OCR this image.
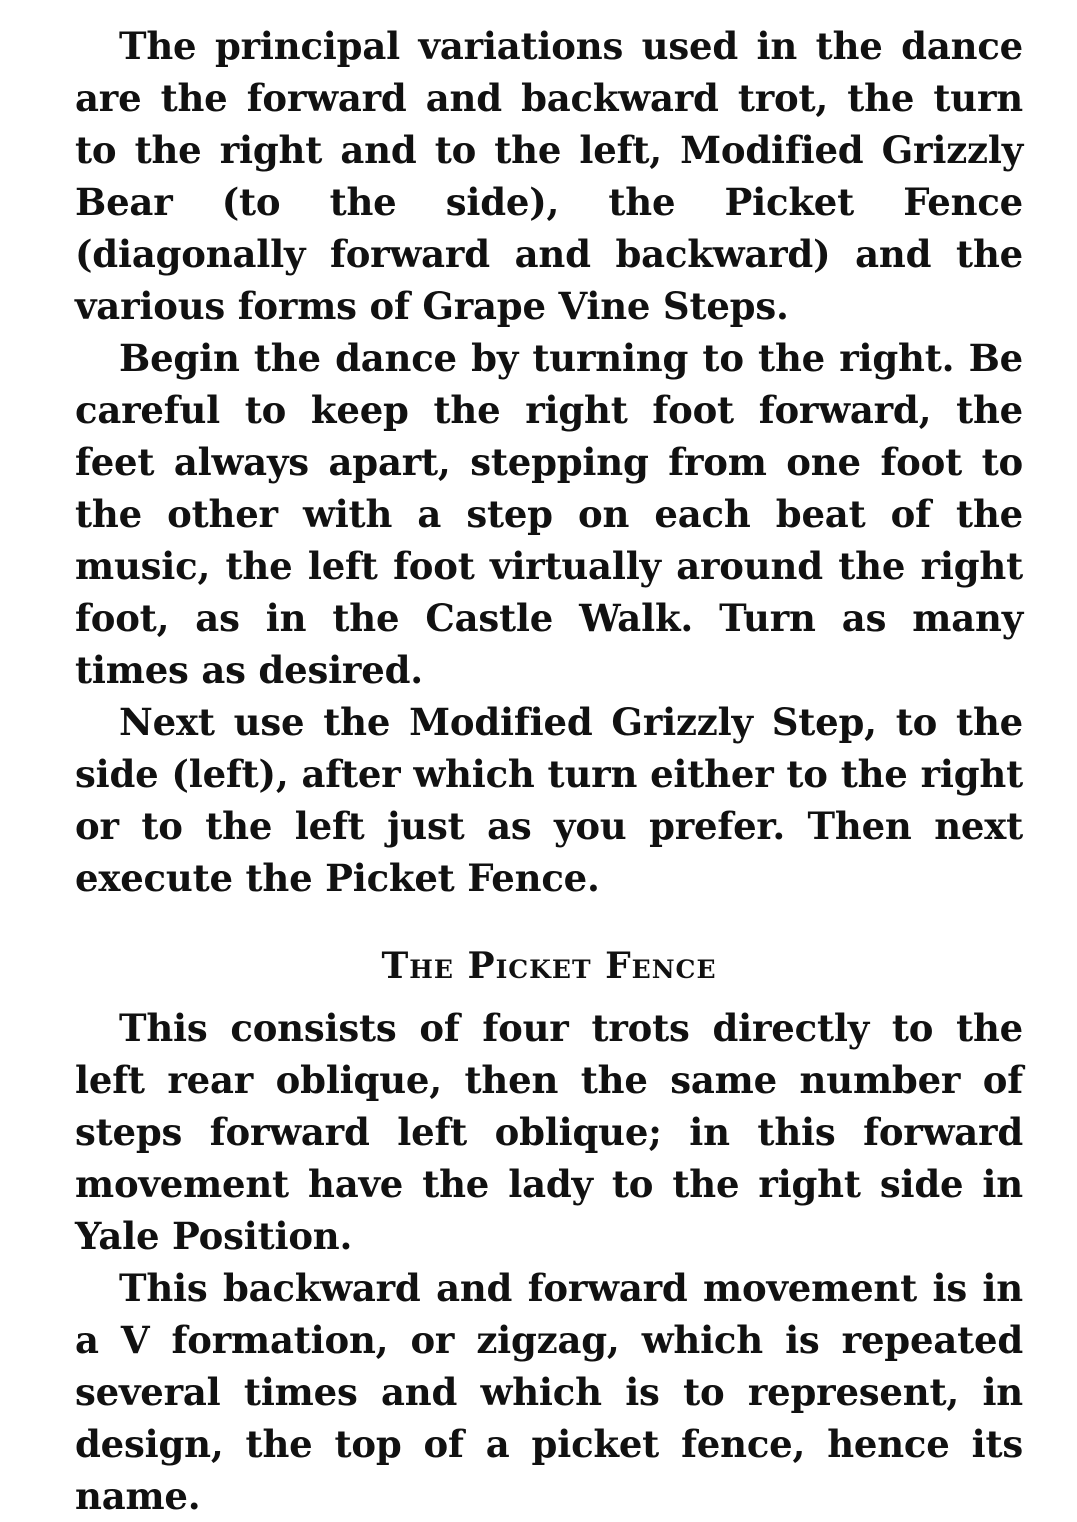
The principal variations used in the dance are the forward and backward trot, the turn to the right and to the left, Modified Grizzly Bear (to the side), the Picket Fence (diagonally forward and backward) and the various forms of Grape Vine Steps.

Begin the dance by turning to the right. Be careful to keep the right foot forward, the feet always apart, stepping from one foot to the other with a step on each beat of the music, the left foot virtually around the right foot, as in the Castle Walk. Turn as many times as desired.

Next use the Modified Grizzly Step, to the side (left), after which turn either to the right or to the left just as you prefer. Then next execute the Picket Fence.

The Picket Fence

This consists of four trots directly to the left rear oblique, then the same number of steps forward left oblique; in this forward movement have the lady to the right side in Yale Position.

This backward and forward movement is in a V formation, or zigzag, which is repeated several times and which is to represent, in design, the top of a picket fence, hence its name.
